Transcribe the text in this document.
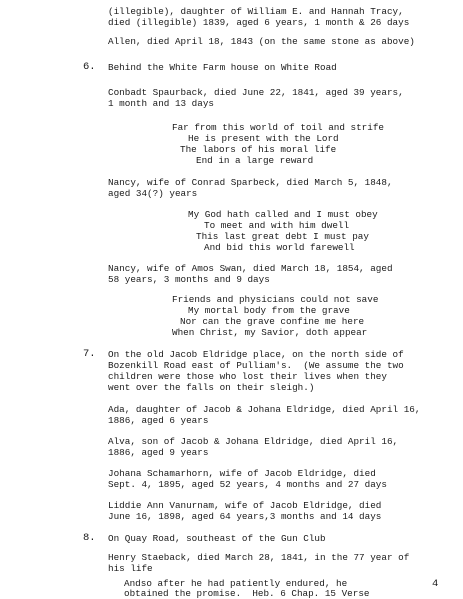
(illegible), daughter of William E. and Hannah Tracy,
died (illegible) 1839, aged 6 years, 1 month & 26 days
Allen, died April 18, 1843 (on the same stone as above)
6. Behind the White Farm house on White Road
Conbadt Spaurback, died June 22, 1841, aged 39 years,
1 month and 13 days
Far from this world of toil and strife
He is present with the Lord
The labors of his moral life
End in a large reward
Nancy, wife of Conrad Sparbeck, died March 5, 1848,
aged 34(?) years
My God hath called and I must obey
To meet and with him dwell
This last great debt I must pay
And bid this world farewell
Nancy, wife of Amos Swan, died March 18, 1854, aged
58 years, 3 months and 9 days
Friends and physicians could not save
My mortal body from the grave
Nor can the grave confine me here
When Christ, my Savior, doth appear
7. On the old Jacob Eldridge place, on the north side of
Bozenkill Road east of Pulliam's.  (We assume the two
children were those who lost their lives when they
went over the falls on their sleigh.)
Ada, daughter of Jacob & Johana Eldridge, died April 16,
1886, aged 6 years
Alva, son of Jacob & Johana Eldridge, died April 16,
1886, aged 9 years
Johana Schamarhorn, wife of Jacob Eldridge, died
Sept. 4, 1895, aged 52 years, 4 months and 27 days
Liddie Ann Vanurnam, wife of Jacob Eldridge, died
June 16, 1898, aged 64 years,3 months and 14 days
8. On Quay Road, southeast of the Gun Club
Henry Staeback, died March 28, 1841, in the 77 year of
his life
Andso after he had patiently endured, he
obtained the promise.  Heb. 6 Chap. 15 Verse
4
